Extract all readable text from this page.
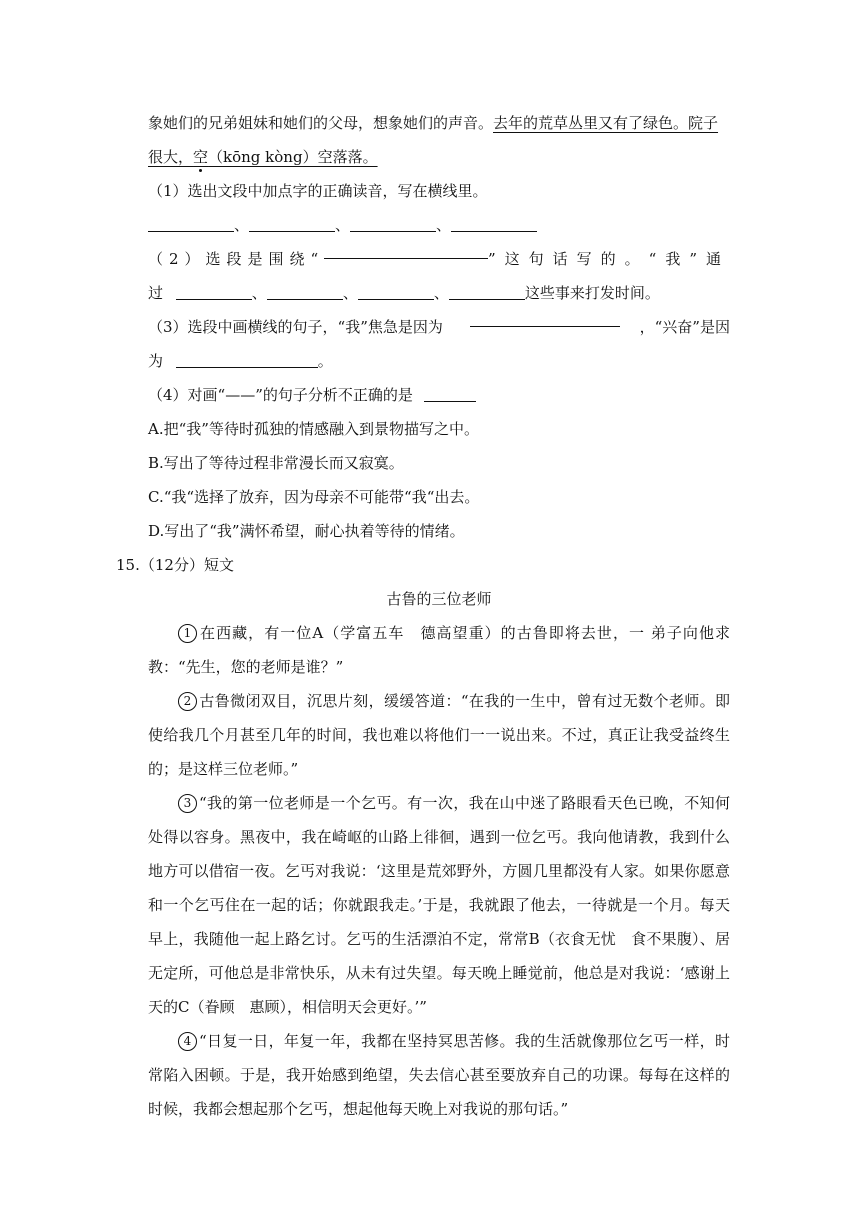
象她们的兄弟姐妹和她们的父母，想象她们的声音。去年的荒草丛里又有了绿色。院子
很大，空（kōng kòng）空落落。
（1）选出文段中加点字的正确读音，写在横线里。
、	、	、
（2）选段是围绕“	”这句话写的。“我”通
过	、	、	、	这些事来打发时间。
（3）选段中画横线的句子，“我”焦急是因为	，“兴奋”是因
为	。
（4）对画“——”的句子分析不正确的是
A.把“我”等待时孤独的情感融入到景物描写之中。
B.写出了等待过程非常漫长而又寂寞。
C.“我“选择了放弃，因为母亲不可能带“我“出去。
D.写出了“我”满怀希望，耐心执着等待的情绪。
15.（12分）短文
古鲁的三位老师
1 在西藏，有一位A（学富五车　德高望重）的古鲁即将去世，一 弟子向他求教：“先生，您的老师是谁？”
2 古鲁微闭双目，沉思片刻，缓缓答道：“在我的一生中，曾有过无数个老师。即使给我几个月甚至几年的时间，我也难以将他们一一说出来。不过，真正让我受益终生的；是这样三位老师。”
3 “我的第一位老师是一个乞丐。有一次，我在山中迷了路眼看天色已晚，不知何处得以容身。黑夜中，我在崎岖的山路上徘徊，遇到一位乞丐。我向他请教，我到什么地方可以借宿一夜。乞丐对我说：‘这里是荒郊野外，方圆几里都没有人家。如果你愿意和一个乞丐住在一起的话；你就跟我走。’于是，我就跟了他去，一待就是一个月。每天早上，我随他一起上路乞讨。乞丐的生活漂泊不定，常常B（衣食无忧　食不果腹）、居无定所，可他总是非常快乐，从未有过失望。每天晚上睡觉前，他总是对我说：‘感谢上天的C（眷顾　惠顾），相信明天会更好。’”
4 “日复一日，年复一年，我都在坚持冥思苦修。我的生活就像那位乞丐一样，时常陷入困顿。于是，我开始感到绝望，失去信心甚至要放弃自己的功课。每每在这样的时候，我都会想起那个乞丐，想起他每天晚上对我说的那句话。”
